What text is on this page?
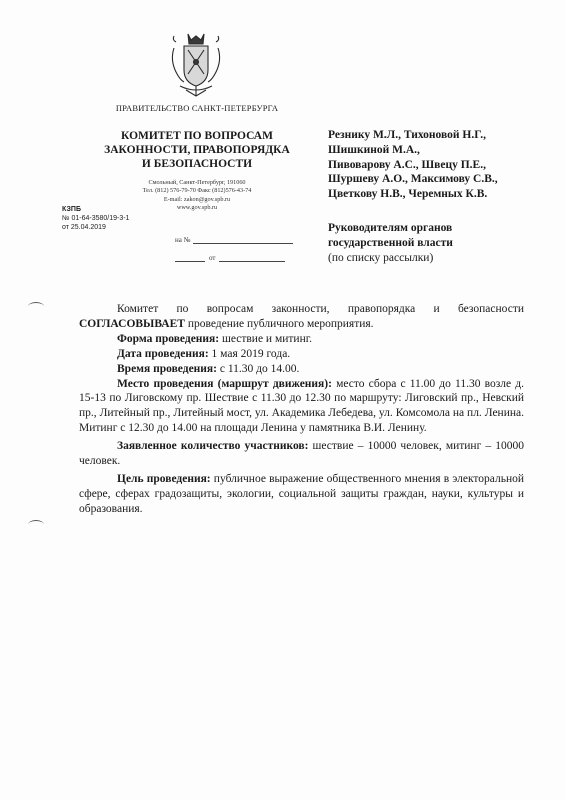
ПРАВИТЕЛЬСТВО САНКТ-ПЕТЕРБУРГА
КОМИТЕТ ПО ВОПРОСАМ
ЗАКОННОСТИ, ПРАВОПОРЯДКА
И БЕЗОПАСНОСТИ
Смольный, Санкт-Петербург, 191060
Тел. (812) 576-79-70 Факс (812)576-43-74
E-mail: zakon@gov.spb.ru
www.gov.spb.ru
КЗПБ
№ 01-64-3580/19-3-1
от 25.04.2019
на №
от
Резнику М.Л., Тихоновой Н.Г.,
Шишкиной М.А.,
Пивоварову А.С., Швецу П.Е.,
Шуршеву А.О., Максимову С.В.,
Цветкову Н.В., Черемных К.В.
Руководителям органов
государственной власти
(по списку рассылки)

Комитет по вопросам законности, правопорядка и безопасности СОГЛАСОВЫВАЕТ проведение публичного мероприятия.

Форма проведения: шествие и митинг.

Дата проведения: 1 мая 2019 года.

Время проведения: с 11.30 до 14.00.

Место проведения (маршрут движения): место сбора с 11.00 до 11.30 возле д. 15-13 по Лиговскому пр. Шествие с 11.30 до 12.30 по маршруту: Лиговский пр., Невский пр., Литейный пр., Литейный мост, ул. Академика Лебедева, ул. Комсомола на пл. Ленина. Митинг с 12.30 до 14.00 на площади Ленина у памятника В.И. Ленину.

Заявленное количество участников: шествие – 10000 человек, митинг – 10000 человек.

Цель проведения: публичное выражение общественного мнения в электоральной сфере, сферах градозащиты, экологии, социальной защиты граждан, науки, культуры и образования.
